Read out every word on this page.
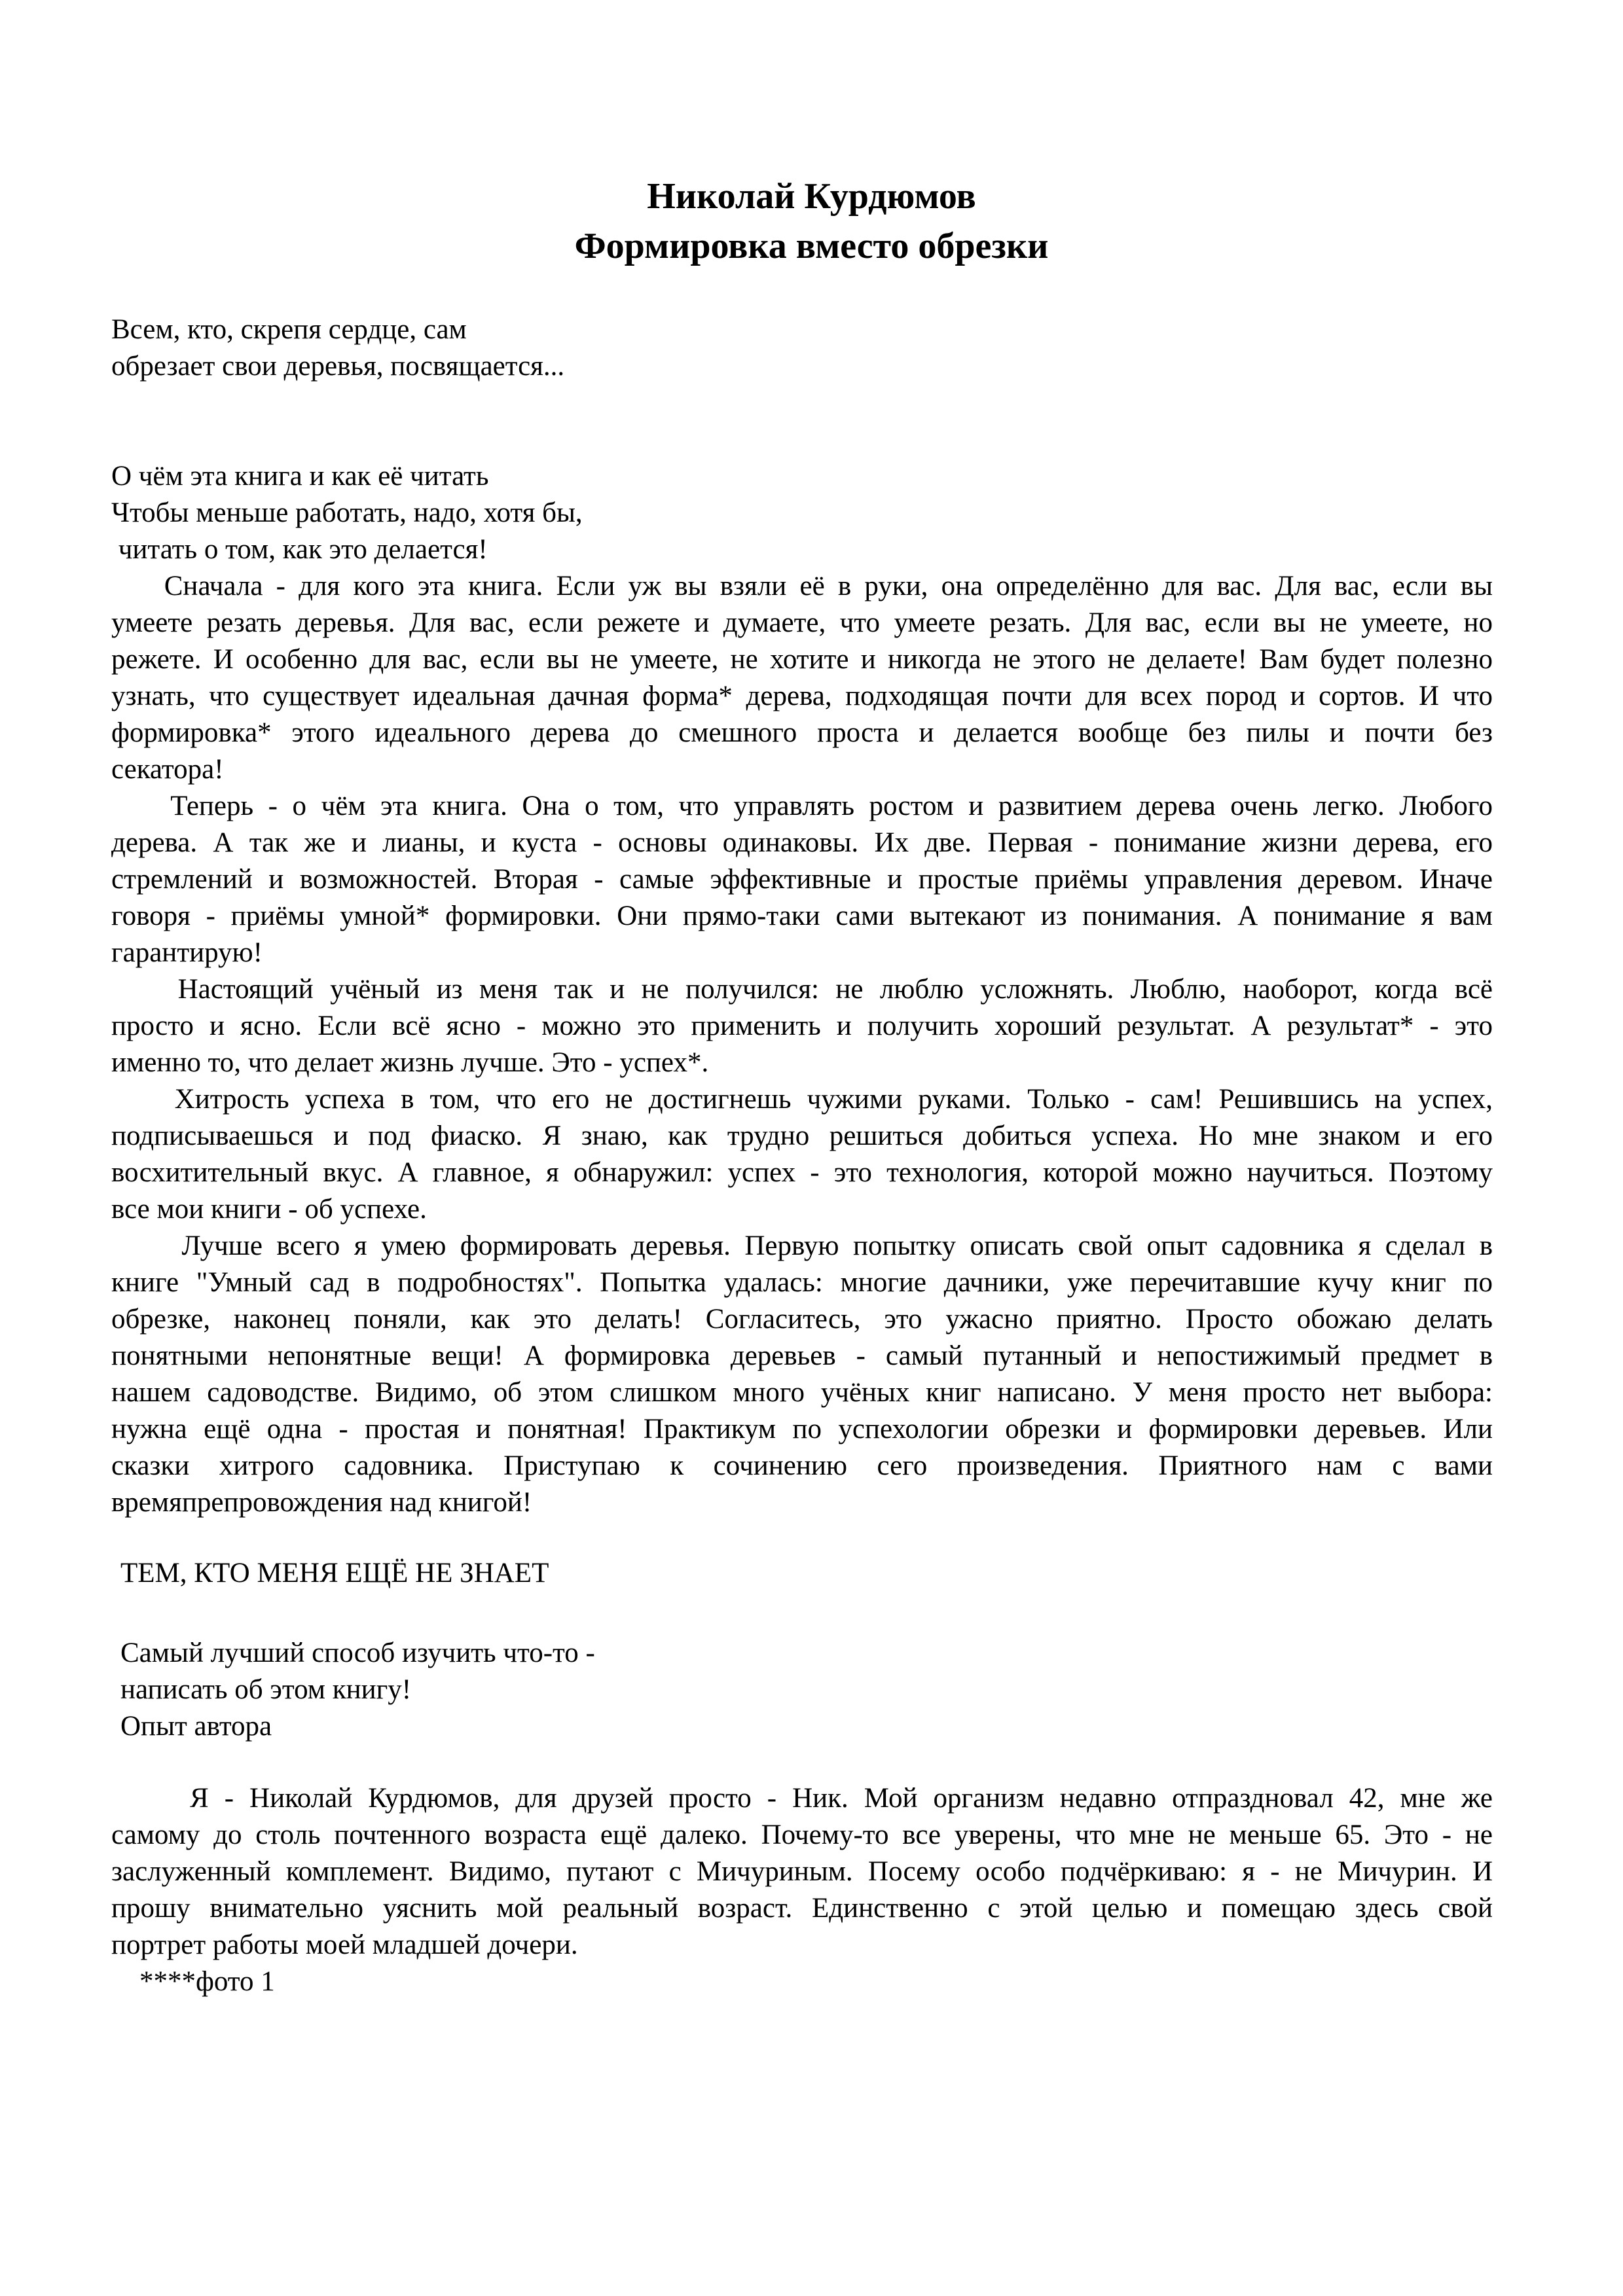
Николай Курдюмов
Формировка вместо обрезки
Всем, кто, скрепя сердце, сам
обрезает свои деревья, посвящается...
О чём эта книга и как её читать
Чтобы меньше работать, надо, хотя бы,
читать о том, как это делается!
Сначала - для кого эта книга. Если уж вы взяли её в руки, она определённо для вас. Для вас, если вы
умеете резать деревья. Для вас, если режете и думаете, что умеете резать. Для вас, если вы не умеете, но
режете. И особенно для вас, если вы не умеете, не хотите и никогда не этого не делаете! Вам будет полезно
узнать, что существует идеальная дачная форма* дерева, подходящая почти для всех пород и сортов. И что
формировка* этого идеального дерева до смешного проста и делается вообще без пилы и почти без
секатора!
Теперь - о чём эта книга. Она о том, что управлять ростом и развитием дерева очень легко. Любого
дерева. А так же и лианы, и куста - основы одинаковы. Их две. Первая - понимание жизни дерева, его
стремлений и возможностей. Вторая - самые эффективные и простые приёмы управления деревом. Иначе
говоря - приёмы умной* формировки. Они прямо-таки сами вытекают из понимания. А понимание я вам
гарантирую!
Настоящий учёный из меня так и не получился: не люблю усложнять. Люблю, наоборот, когда всё
просто и ясно. Если всё ясно - можно это применить и получить хороший результат. А результат* - это
именно то, что делает жизнь лучше. Это - успех*.
Хитрость успеха в том, что его не достигнешь чужими руками. Только - сам! Решившись на успех,
подписываешься и под фиаско. Я знаю, как трудно решиться добиться успеха. Но мне знаком и его
восхитительный вкус. А главное, я обнаружил: успех - это технология, которой можно научиться. Поэтому
все мои книги - об успехе.
Лучше всего я умею формировать деревья. Первую попытку описать свой опыт садовника я сделал в
книге "Умный сад в подробностях". Попытка удалась: многие дачники, уже перечитавшие кучу книг по
обрезке, наконец поняли, как это делать! Согласитесь, это ужасно приятно. Просто обожаю делать
понятными непонятные вещи! А формировка деревьев - самый путанный и непостижимый предмет в
нашем садоводстве. Видимо, об этом слишком много учёных книг написано. У меня просто нет выбора:
нужна ещё одна - простая и понятная! Практикум по успехологии обрезки и формировки деревьев. Или
сказки хитрого садовника. Приступаю к сочинению сего произведения. Приятного нам с вами
времяпрепровождения над книгой!
ТЕМ, КТО МЕНЯ ЕЩЁ НЕ ЗНАЕТ
Самый лучший способ изучить что-то -
написать об этом книгу!
Опыт автора
Я - Николай Курдюмов, для друзей просто - Ник. Мой организм недавно отпраздновал 42, мне же
самому до столь почтенного возраста ещё далеко. Почему-то все уверены, что мне не меньше 65. Это - не
заслуженный комплемент. Видимо, путают с Мичуриным. Посему особо подчёркиваю: я - не Мичурин. И
прошу внимательно уяснить мой реальный возраст. Единственно с этой целью и помещаю здесь свой
портрет работы моей младшей дочери.
****фото 1
